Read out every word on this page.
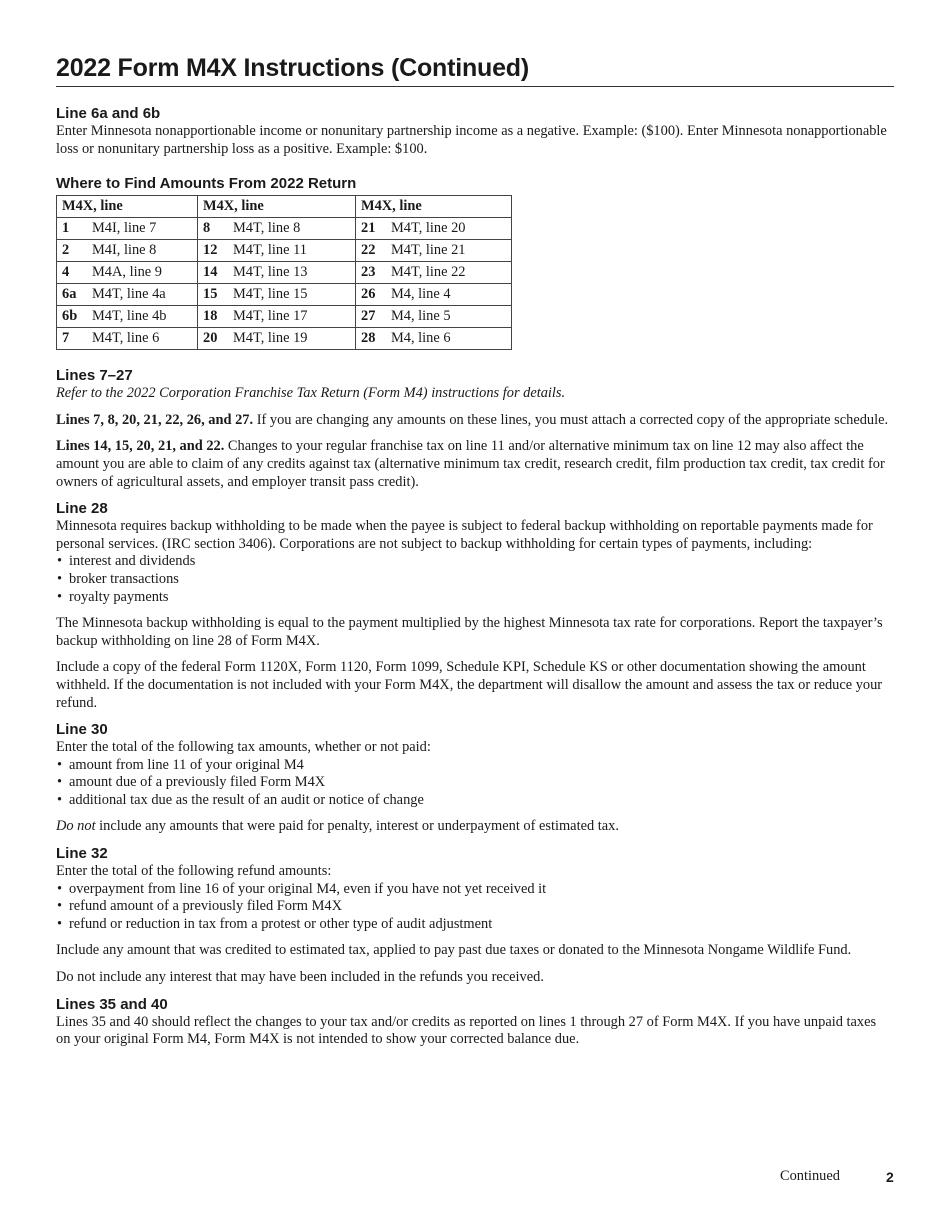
2022 Form M4X Instructions (Continued)
Line 6a and 6b

Enter Minnesota nonapportionable income or nonunitary partnership income as a negative. Example: ($100). Enter Minnesota nonapportionable loss or nonunitary partnership loss as a positive. Example: $100.

Where to Find Amounts From 2022 Return
M4X, line		M4X, line		M4X, line	
1	M4I, line 7	8	M4T, line 8	21	M4T, line 20
2	M4I, line 8	12	M4T, line 11	22	M4T, line 21
4	M4A, line 9	14	M4T, line 13	23	M4T, line 22
6a	M4T, line 4a	15	M4T, line 15	26	M4, line 4
6b	M4T, line 4b	18	M4T, line 17	27	M4, line 5
7	M4T, line 6	20	M4T, line 19	28	M4, line 6
Lines 7–27

Refer to the 2022 Corporation Franchise Tax Return (Form M4) instructions for details.

Lines 7, 8, 20, 21, 22, 26, and 27. If you are changing any amounts on these lines, you must attach a corrected copy of the appropriate schedule.

Lines 14, 15, 20, 21, and 22. Changes to your regular franchise tax on line 11 and/or alternative minimum tax on line 12 may also affect the amount you are able to claim of any credits against tax (alternative minimum tax credit, research credit, film production tax credit, tax credit for owners of agricultural assets, and employer transit pass credit).

Line 28

Minnesota requires backup withholding to be made when the payee is subject to federal backup withholding on reportable payments made for personal services. (IRC section 3406). Corporations are not subject to backup withholding for certain types of payments, including:

• interest and dividends
• broker transactions
• royalty payments

The Minnesota backup withholding is equal to the payment multiplied by the highest Minnesota tax rate for corporations. Report the taxpayer’s backup withholding on line 28 of Form M4X.

Include a copy of the federal Form 1120X, Form 1120, Form 1099, Schedule KPI, Schedule KS or other documentation showing the amount withheld. If the documentation is not included with your Form M4X, the department will disallow the amount and assess the tax or reduce your refund.

Line 30

Enter the total of the following tax amounts, whether or not paid:

• amount from line 11 of your original M4
• amount due of a previously filed Form M4X
• additional tax due as the result of an audit or notice of change

Do not include any amounts that were paid for penalty, interest or underpayment of estimated tax.

Line 32

Enter the total of the following refund amounts:

• overpayment from line 16 of your original M4, even if you have not yet received it
• refund amount of a previously filed Form M4X
• refund or reduction in tax from a protest or other type of audit adjustment

Include any amount that was credited to estimated tax, applied to pay past due taxes or donated to the Minnesota Nongame Wildlife Fund.

Do not include any interest that may have been included in the refunds you received.

Lines 35 and 40

Lines 35 and 40 should reflect the changes to your tax and/or credits as reported on lines 1 through 27 of Form M4X. If you have unpaid taxes on your original Form M4, Form M4X is not intended to show your corrected balance due.

Continued	2
